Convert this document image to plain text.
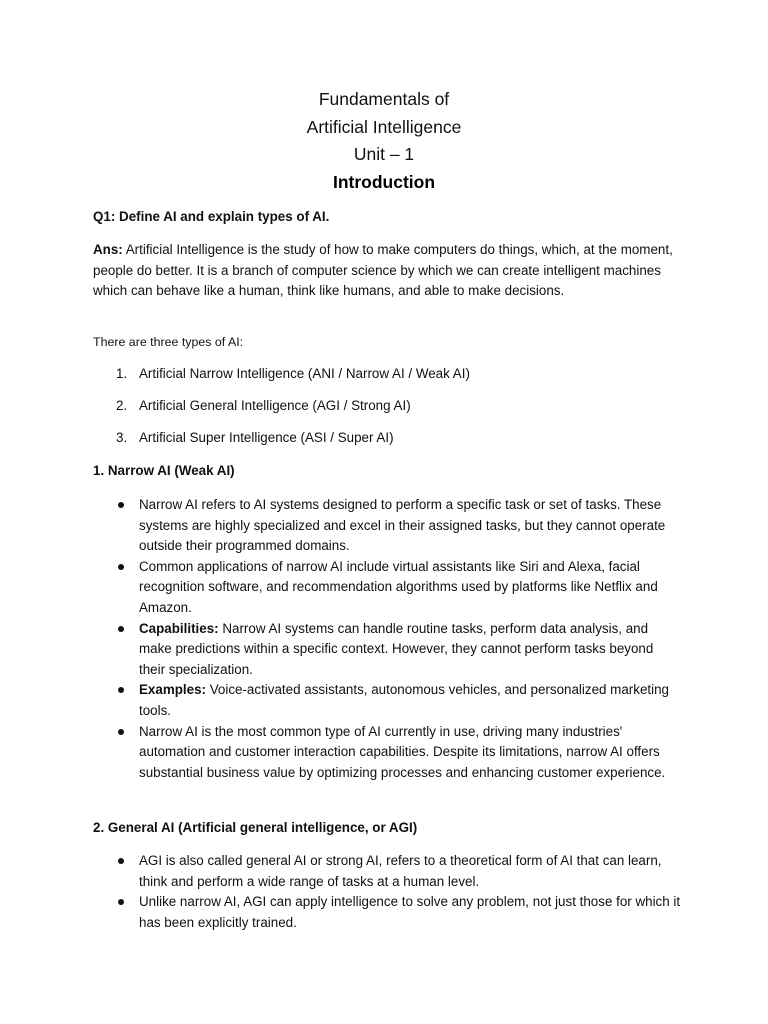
Fundamentals of
Artificial Intelligence
Unit – 1
Introduction
Q1: Define AI and explain types of AI.
Ans: Artificial Intelligence is the study of how to make computers do things, which, at the moment, people do better. It is a branch of computer science by which we can create intelligent machines which can behave like a human, think like humans, and able to make decisions.
There are three types of AI:
1. Artificial Narrow Intelligence (ANI / Narrow AI / Weak AI)
2. Artificial General Intelligence (AGI / Strong AI)
3. Artificial Super Intelligence (ASI / Super AI)
1. Narrow AI (Weak AI)
Narrow AI refers to AI systems designed to perform a specific task or set of tasks. These systems are highly specialized and excel in their assigned tasks, but they cannot operate outside their programmed domains.
Common applications of narrow AI include virtual assistants like Siri and Alexa, facial recognition software, and recommendation algorithms used by platforms like Netflix and Amazon.
Capabilities: Narrow AI systems can handle routine tasks, perform data analysis, and make predictions within a specific context. However, they cannot perform tasks beyond their specialization.
Examples: Voice-activated assistants, autonomous vehicles, and personalized marketing tools.
Narrow AI is the most common type of AI currently in use, driving many industries' automation and customer interaction capabilities. Despite its limitations, narrow AI offers substantial business value by optimizing processes and enhancing customer experience.
2. General AI (Artificial general intelligence, or AGI)
AGI is also called general AI or strong AI, refers to a theoretical form of AI that can learn, think and perform a wide range of tasks at a human level.
Unlike narrow AI, AGI can apply intelligence to solve any problem, not just those for which it has been explicitly trained.
